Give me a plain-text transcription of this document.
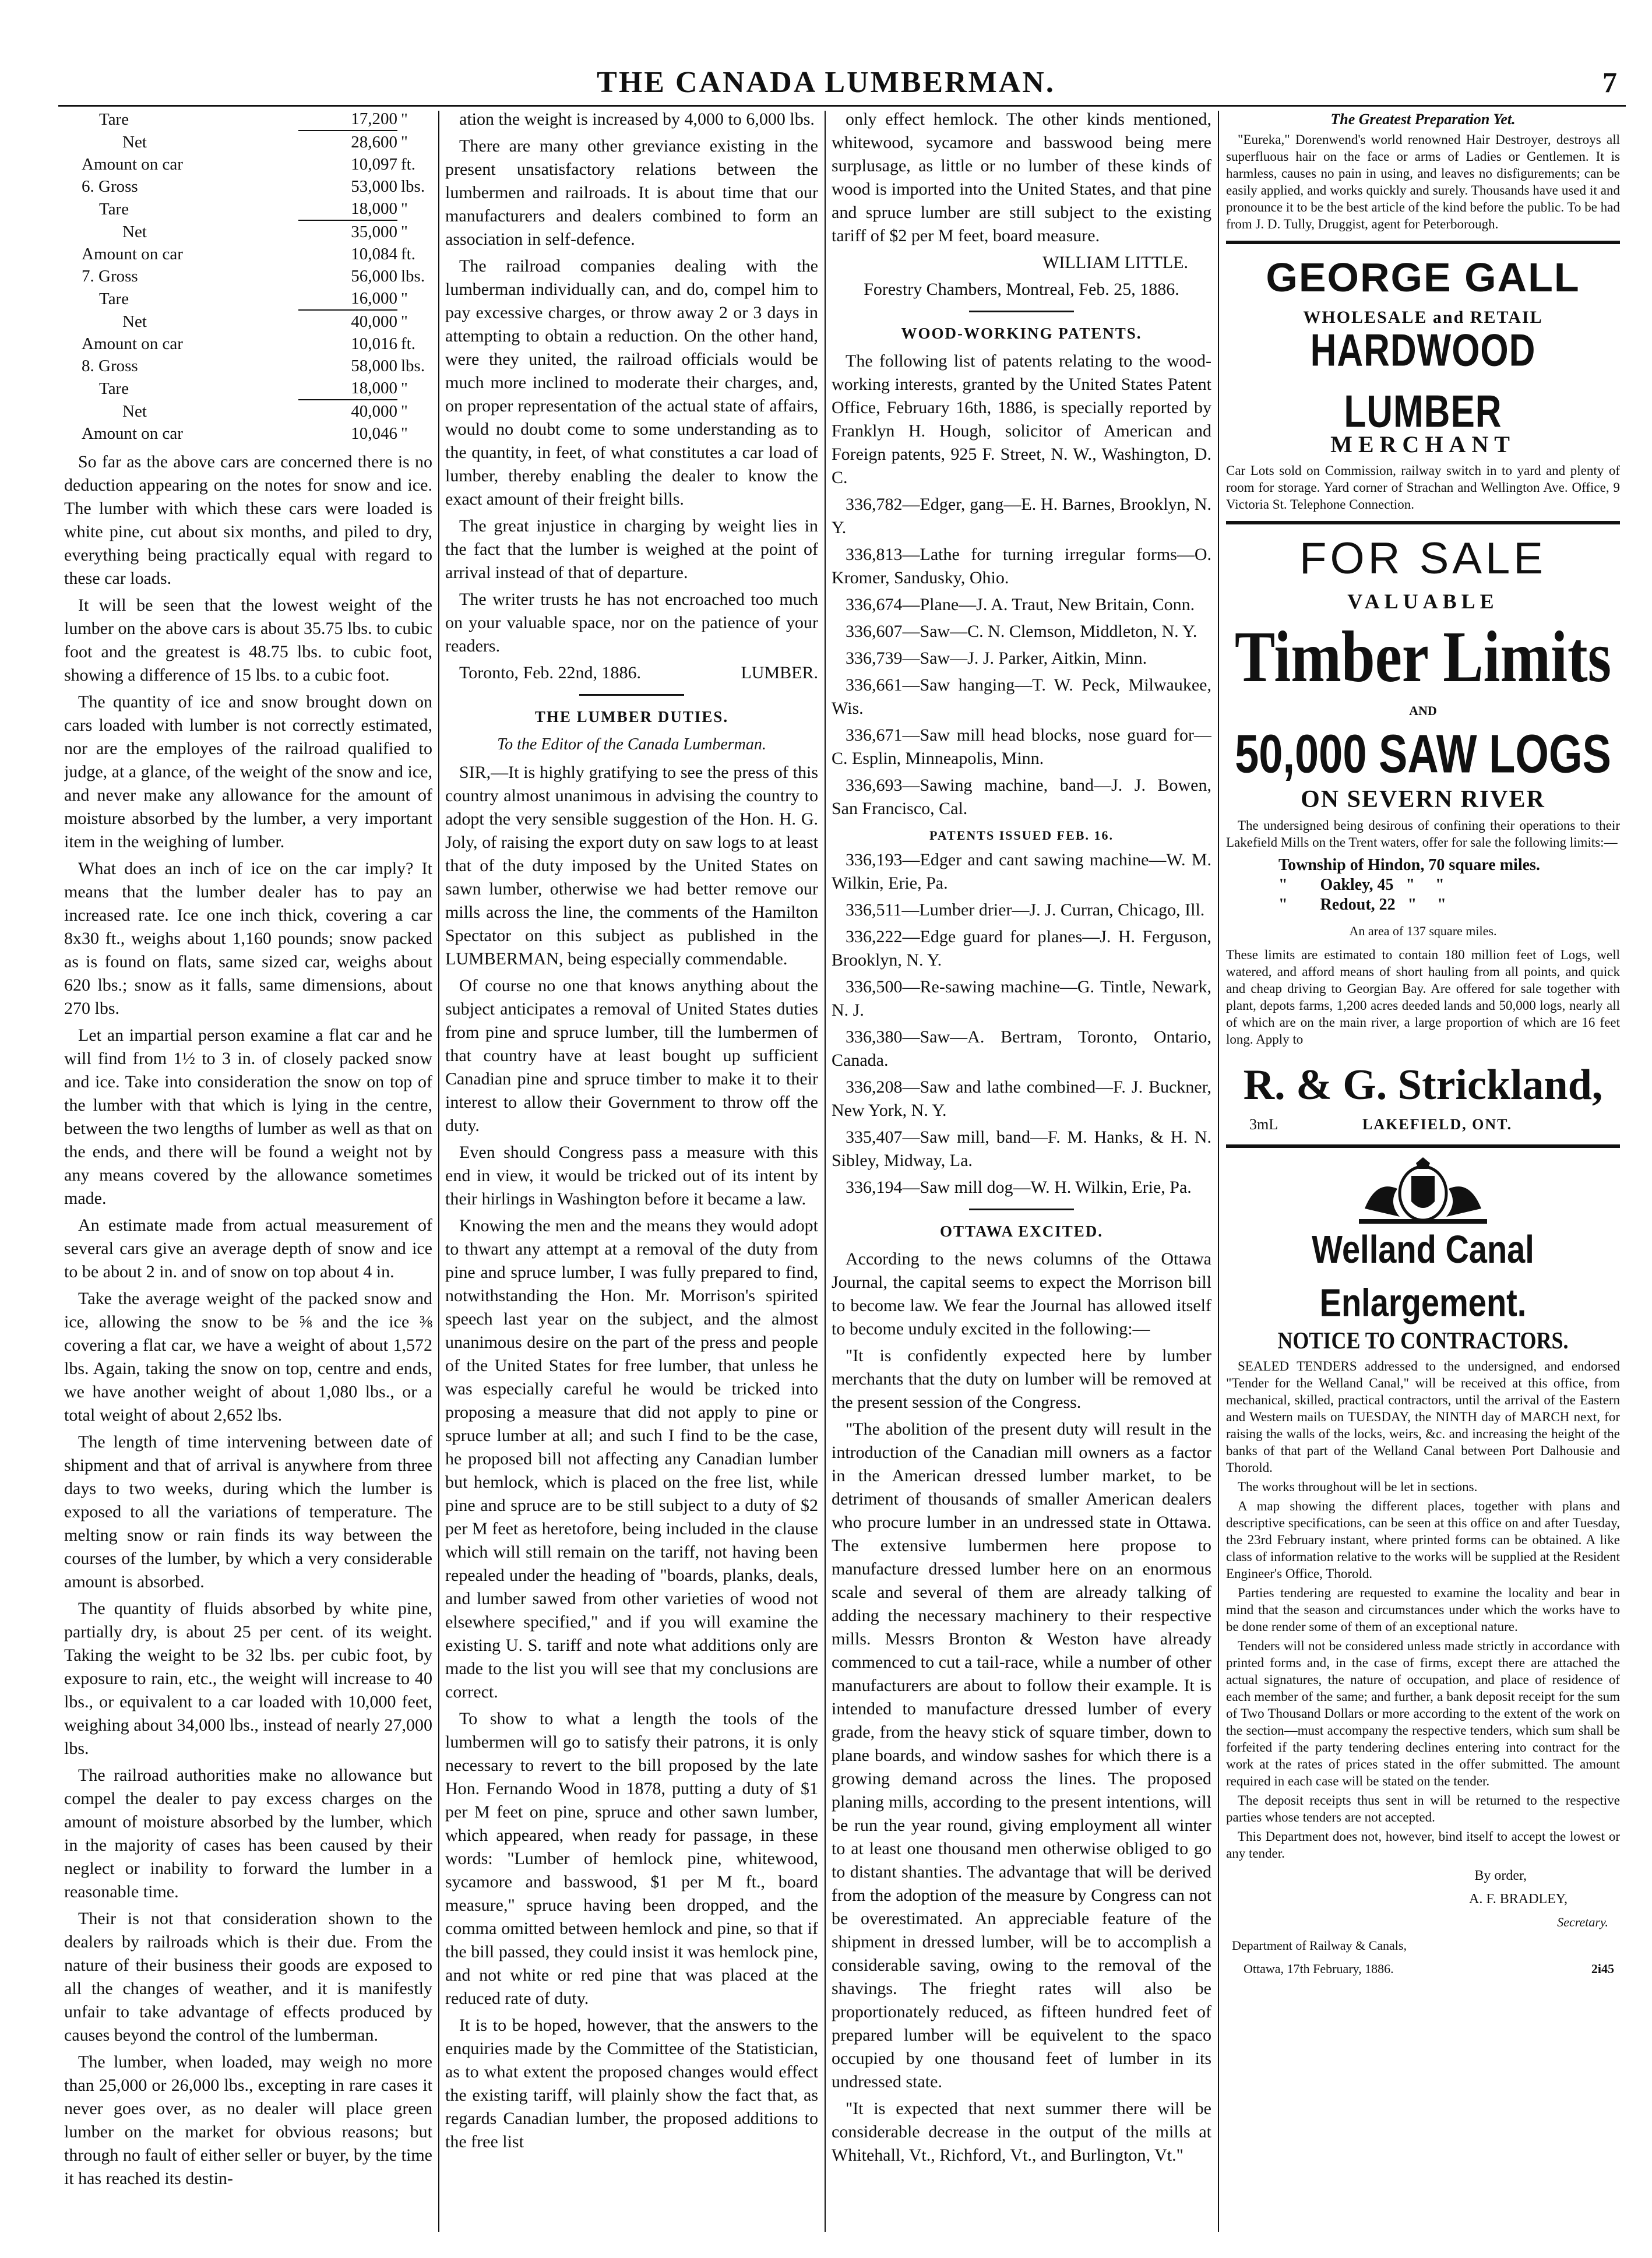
THE CANADA LUMBERMAN.	7
Tare	17,200	"
Net	28,600	"
Amount on car	10,097	ft.
6. Gross	53,000	lbs.
Tare	18,000	"
Net	35,000	"
Amount on car	10,084	ft.
7. Gross	56,000	lbs.
Tare	16,000	"
Net	40,000	"
Amount on car	10,016	ft.
8. Gross	58,000	lbs.
Tare	18,000	"
Net	40,000	"
Amount on car	10,046	"

So far as the above cars are concerned there is no deduction appearing on the notes for snow and ice. The lumber with which these cars were loaded is white pine, cut about six months, and piled to dry, everything being practically equal with regard to these car loads.

It will be seen that the lowest weight of the lumber on the above cars is about 35.75 lbs. to cubic foot and the greatest is 48.75 lbs. to cubic foot, showing a difference of 15 lbs. to a cubic foot.

The quantity of ice and snow brought down on cars loaded with lumber is not correctly estimated, nor are the employes of the railroad qualified to judge, at a glance, of the weight of the snow and ice, and never make any allowance for the amount of moisture absorbed by the lumber, a very important item in the weighing of lumber.

What does an inch of ice on the car imply? It means that the lumber dealer has to pay an increased rate. Ice one inch thick, covering a car 8x30 ft., weighs about 1,160 pounds; snow packed as is found on flats, same sized car, weighs about 620 lbs.; snow as it falls, same dimensions, about 270 lbs.

Let an impartial person examine a flat car and he will find from 1½ to 3 in. of closely packed snow and ice. Take into consideration the snow on top of the lumber with that which is lying in the centre, between the two lengths of lumber as well as that on the ends, and there will be found a weight not by any means covered by the allowance sometimes made.

An estimate made from actual measurement of several cars give an average depth of snow and ice to be about 2 in. and of snow on top about 4 in.

Take the average weight of the packed snow and ice, allowing the snow to be ⅝ and the ice ⅜ covering a flat car, we have a weight of about 1,572 lbs. Again, taking the snow on top, centre and ends, we have another weight of about 1,080 lbs., or a total weight of about 2,652 lbs.

The length of time intervening between date of shipment and that of arrival is anywhere from three days to two weeks, during which the lumber is exposed to all the variations of temperature. The melting snow or rain finds its way between the courses of the lumber, by which a very considerable amount is absorbed.

The quantity of fluids absorbed by white pine, partially dry, is about 25 per cent. of its weight. Taking the weight to be 32 lbs. per cubic foot, by exposure to rain, etc., the weight will increase to 40 lbs., or equivalent to a car loaded with 10,000 feet, weighing about 34,000 lbs., instead of nearly 27,000 lbs.

The railroad authorities make no allowance but compel the dealer to pay excess charges on the amount of moisture absorbed by the lumber, which in the majority of cases has been caused by their neglect or inability to forward the lumber in a reasonable time.

Their is not that consideration shown to the dealers by railroads which is their due. From the nature of their business their goods are exposed to all the changes of weather, and it is manifestly unfair to take advantage of effects produced by causes beyond the control of the lumberman.

The lumber, when loaded, may weigh no more than 25,000 or 26,000 lbs., excepting in rare cases it never goes over, as no dealer will place green lumber on the market for obvious reasons; but through no fault of either seller or buyer, by the time it has reached its destin-

ation the weight is increased by 4,000 to 6,000 lbs.

There are many other greviance existing in the present unsatisfactory relations between the lumbermen and railroads. It is about time that our manufacturers and dealers combined to form an association in self-defence.

The railroad companies dealing with the lumberman individually can, and do, compel him to pay excessive charges, or throw away 2 or 3 days in attempting to obtain a reduction. On the other hand, were they united, the railroad officials would be much more inclined to moderate their charges, and, on proper representation of the actual state of affairs, would no doubt come to some understanding as to the quantity, in feet, of what constitutes a car load of lumber, thereby enabling the dealer to know the exact amount of their freight bills.

The great injustice in charging by weight lies in the fact that the lumber is weighed at the point of arrival instead of that of departure.

The writer trusts he has not encroached too much on your valuable space, nor on the patience of your readers.

Toronto, Feb. 22nd, 1886.	LUMBER.

THE LUMBER DUTIES.
To the Editor of the Canada Lumberman.

SIR,—It is highly gratifying to see the press of this country almost unanimous in advising the country to adopt the very sensible suggestion of the Hon. H. G. Joly, of raising the export duty on saw logs to at least that of the duty imposed by the United States on sawn lumber, otherwise we had better remove our mills across the line, the comments of the Hamilton Spectator on this subject as published in the LUMBERMAN, being especially commendable.

Of course no one that knows anything about the subject anticipates a removal of United States duties from pine and spruce lumber, till the lumbermen of that country have at least bought up sufficient Canadian pine and spruce timber to make it to their interest to allow their Government to throw off the duty.

Even should Congress pass a measure with this end in view, it would be tricked out of its intent by their hirlings in Washington before it became a law.

Knowing the men and the means they would adopt to thwart any attempt at a removal of the duty from pine and spruce lumber, I was fully prepared to find, notwithstanding the Hon. Mr. Morrison's spirited speech last year on the subject, and the almost unanimous desire on the part of the press and people of the United States for free lumber, that unless he was especially careful he would be tricked into proposing a measure that did not apply to pine or spruce lumber at all; and such I find to be the case, he proposed bill not affecting any Canadian lumber but hemlock, which is placed on the free list, while pine and spruce are to be still subject to a duty of $2 per M feet as heretofore, being included in the clause which will still remain on the tariff, not having been repealed under the heading of "boards, planks, deals, and lumber sawed from other varieties of wood not elsewhere specified," and if you will examine the existing U. S. tariff and note what additions only are made to the list you will see that my conclusions are correct.

To show to what a length the tools of the lumbermen will go to satisfy their patrons, it is only necessary to revert to the bill proposed by the late Hon. Fernando Wood in 1878, putting a duty of $1 per M feet on pine, spruce and other sawn lumber, which appeared, when ready for passage, in these words: "Lumber of hemlock pine, whitewood, sycamore and basswood, $1 per M ft., board measure," spruce having been dropped, and the comma omitted between hemlock and pine, so that if the bill passed, they could insist it was hemlock pine, and not white or red pine that was placed at the reduced rate of duty.

It is to be hoped, however, that the answers to the enquiries made by the Committee of the Statistician, as to what extent the proposed changes would effect the existing tariff, will plainly show the fact that, as regards Canadian lumber, the proposed additions to the free list

only effect hemlock. The other kinds mentioned, whitewood, sycamore and basswood being mere surplusage, as little or no lumber of these kinds of wood is imported into the United States, and that pine and spruce lumber are still subject to the existing tariff of $2 per M feet, board measure.

WILLIAM LITTLE.

Forestry Chambers, Montreal, Feb. 25, 1886.

WOOD-WORKING PATENTS.

The following list of patents relating to the wood-working interests, granted by the United States Patent Office, February 16th, 1886, is specially reported by Franklyn H. Hough, solicitor of American and Foreign patents, 925 F. Street, N. W., Washington, D. C.

336,782—Edger, gang—E. H. Barnes, Brooklyn, N. Y.

336,813—Lathe for turning irregular forms—O. Kromer, Sandusky, Ohio.

336,674—Plane—J. A. Traut, New Britain, Conn.

336,607—Saw—C. N. Clemson, Middleton, N. Y.

336,739—Saw—J. J. Parker, Aitkin, Minn.

336,661—Saw hanging—T. W. Peck, Milwaukee, Wis.

336,671—Saw mill head blocks, nose guard for—C. Esplin, Minneapolis, Minn.

336,693—Sawing machine, band—J. J. Bowen, San Francisco, Cal.

PATENTS ISSUED FEB. 16.

336,193—Edger and cant sawing machine—W. M. Wilkin, Erie, Pa.

336,511—Lumber drier—J. J. Curran, Chicago, Ill.

336,222—Edge guard for planes—J. H. Ferguson, Brooklyn, N. Y.

336,500—Re-sawing machine—G. Tintle, Newark, N. J.

336,380—Saw—A. Bertram, Toronto, Ontario, Canada.

336,208—Saw and lathe combined—F. J. Buckner, New York, N. Y.

335,407—Saw mill, band—F. M. Hanks, & H. N. Sibley, Midway, La.

336,194—Saw mill dog—W. H. Wilkin, Erie, Pa.

OTTAWA EXCITED.

According to the news columns of the Ottawa Journal, the capital seems to expect the Morrison bill to become law. We fear the Journal has allowed itself to become unduly excited in the following:—

"It is confidently expected here by lumber merchants that the duty on lumber will be removed at the present session of the Congress.

"The abolition of the present duty will result in the introduction of the Canadian mill owners as a factor in the American dressed lumber market, to be detriment of thousands of smaller American dealers who procure lumber in an undressed state in Ottawa. The extensive lumbermen here propose to manufacture dressed lumber here on an enormous scale and several of them are already talking of adding the necessary machinery to their respective mills. Messrs Bronton & Weston have already commenced to cut a tail-race, while a number of other manufacturers are about to follow their example. It is intended to manufacture dressed lumber of every grade, from the heavy stick of square timber, down to plane boards, and window sashes for which there is a growing demand across the lines. The proposed planing mills, according to the present intentions, will be run the year round, giving employment all winter to at least one thousand men otherwise obliged to go to distant shanties. The advantage that will be derived from the adoption of the measure by Congress can not be overestimated. An appreciable feature of the shipment in dressed lumber, will be to accomplish a considerable saving, owing to the removal of the shavings. The frieght rates will also be proportionately reduced, as fifteen hundred feet of prepared lumber will be equivelent to the spaco occupied by one thousand feet of lumber in its undressed state.

"It is expected that next summer there will be considerable decrease in the output of the mills at Whitehall, Vt., Richford, Vt., and Burlington, Vt."

The Greatest Preparation Yet.
"Eureka," Dorenwend's world renowned Hair Destroyer, destroys all superfluous hair on the face or arms of Ladies or Gentlemen. It is harmless, causes no pain in using, and leaves no disfigurements; can be easily applied, and works quickly and surely. Thousands have used it and pronounce it to be the best article of the kind before the public. To be had from J. D. Tully, Druggist, agent for Peterborough.
GEORGE GALL
WHOLESALE and RETAIL
HARDWOOD LUMBER
MERCHANT
Car Lots sold on Commission, railway switch in to yard and plenty of room for storage. Yard corner of Strachan and Wellington Ave. Office, 9 Victoria St. Telephone Connection.
FOR SALE
VALUABLE
Timber Limits
AND
50,000 SAW LOGS
ON SEVERN RIVER
The undersigned being desirous of confining their operations to their Lakefield Mills on the Trent waters, offer for sale the following limits:—
Township of Hindon, 70 square miles.
"        Oakley, 45   "     "
"        Redout, 22   "     "
An area of 137 square miles.
These limits are estimated to contain 180 million feet of Logs, well watered, and afford means of short hauling from all points, and quick and cheap driving to Georgian Bay. Are offered for sale together with plant, depots farms, 1,200 acres deeded lands and 50,000 logs, nearly all of which are on the main river, a large proportion of which are 16 feet long. Apply to
R. & G. Strickland,
3mL	LAKEFIELD, ONT.
Welland Canal Enlargement.
NOTICE TO CONTRACTORS.
SEALED TENDERS addressed to the undersigned, and endorsed "Tender for the Welland Canal," will be received at this office, from mechanical, skilled, practical contractors, until the arrival of the Eastern and Western mails on TUESDAY, the NINTH day of MARCH next, for raising the walls of the locks, weirs, &c. and increasing the height of the banks of that part of the Welland Canal between Port Dalhousie and Thorold.
The works throughout will be let in sections.
A map showing the different places, together with plans and descriptive specifications, can be seen at this office on and after Tuesday, the 23rd February instant, where printed forms can be obtained. A like class of information relative to the works will be supplied at the Resident Engineer's Office, Thorold.
Parties tendering are requested to examine the locality and bear in mind that the season and circumstances under which the works have to be done render some of them of an exceptional nature.
Tenders will not be considered unless made strictly in accordance with printed forms and, in the case of firms, except there are attached the actual signatures, the nature of occupation, and place of residence of each member of the same; and further, a bank deposit receipt for the sum of Two Thousand Dollars or more according to the extent of the work on the section—must accompany the respective tenders, which sum shall be forfeited if the party tendering declines entering into contract for the work at the rates of prices stated in the offer submitted. The amount required in each case will be stated on the tender.
The deposit receipts thus sent in will be returned to the respective parties whose tenders are not accepted.
This Department does not, however, bind itself to accept the lowest or any tender.
By order,
A. F. BRADLEY,
Secretary.
Department of Railway & Canals,
Ottawa, 17th February, 1886.	2i45
